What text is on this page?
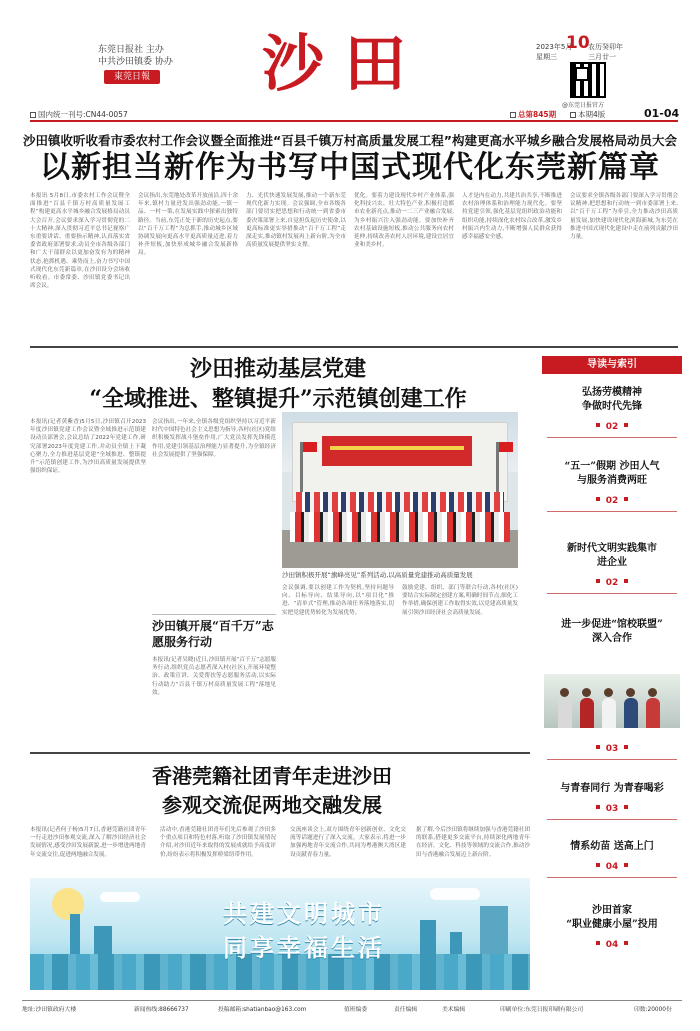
东莞日报社 主办
中共沙田镇委 协办
東莞日報 沙田	2023年5月
星期三
10
农历癸卯年
三月廿一
@东莞日报官方
国内统一刊号:CN44-0057	总第845期	本期4版	01-04
沙田镇收听收看市委农村工作会议暨全面推进“百县千镇万村高质量发展工程”构建更高水平城乡融合发展格局动员大会
以新担当新作为书写中国式现代化东莞新篇章
本报讯 5月8日,市委农村工作会议暨全面推进“百县千镇万村高质量发展工程”构建更高水平城乡融合发展格局动员大会召开,会议要求深入学习贯彻党的二十大精神,深入贯彻习近平总书记视察广东重要讲话、重要指示精神,认真落实省委省政府部署要求,动员全市各级各部门和广大干部群众以更加奋发有为的精神状态,抢抓机遇、乘势而上,奋力书写中国式现代化东莞新篇章,在沙田设分会场收听收看。市委常委、沙田镇党委书记出席会议。
会议指出,东莞地处改革开放前沿,四十余年来,镇村力量迸发出强劲动能,一镇一品、一村一策,在发展实践中探索出独特路径。当前,东莞正处于新的历史起点,要以“百千万工程”为总抓手,推动城乡区域协调发展向更高水平更高质量迈进,着力补齐短板,加快形成城乡融合发展新格局。
力、光伏快速发展发展,推动一个新东莞现代化新力实现。会议强调,全市各级各部门要切实把思想和行动统一到省委市委决策部署上来,自觉担负起历史使命,以更高标准更实举措推动“百千万工程”走深走实,推动镇村发展再上新台阶,为全市高质量发展提供坚实支撑。
优化。要着力建设现代乡村产业体系,强化科技兴农、壮大特色产业,积极打造都市农业新亮点,推动一二三产业融合发展,为乡村振兴注入强劲动能。要加快补齐农村基础设施短板,推动公共服务向农村延伸,持续改善农村人居环境,建设宜居宜业和美乡村。
人才是内在动力,共建共治共享,不断推进农村治理体系和治理能力现代化。要坚持党建引领,强化基层党组织政治功能和组织功能,持续深化农村综合改革,激发乡村振兴内生动力,不断增强人民群众获得感幸福感安全感。
会议要求全镇各级各部门要深入学习贯彻会议精神,把思想和行动统一到市委部署上来,以“百千万工程”为牵引,全力推动沙田高质量发展,加快建设现代化滨海新城,为东莞在推进中国式现代化建设中走在前列贡献沙田力量。
沙田推动基层党建
“全域推进、整镇提升”示范镇创建工作
本报讯(记者黄紫香)5月5日,沙田镇召开2023年度沙田镇党建工作会议暨全域推进示范镇建设动员部署会,会议总结了2022年党建工作,研究部署2023年度党建工作,并动员全镇上下凝心聚力,全力推进基层党建“全域推进、整镇提升”示范镇创建工作,为沙田高质量发展提供坚强组织保证。
会议指出,一年来,全镇各级党组织坚持以习近平新时代中国特色社会主义思想为指导,各村(社区)党组织积极发挥战斗堡垒作用,广大党员发挥先锋模范作用,党建引领基层治理能力显著提升,为全镇经济社会发展提供了坚强保障。
沙田镇积极开展“旗峰亮见”系列活动,以高质量党建推动高质量发展
会议强调,要以创建工作为契机,坚持问题导向、目标导向、结果导向,以“项目化”推进、“清单式”管理,推动各项任务落地落实,切实把党建优势转化为发展优势。
鼓励党建、组织、部门等联合行动,各村(社区)要结合实际制定创建方案,明确时间节点,细化工作举措,确保创建工作取得实效,以党建高质量发展引领沙田经济社会高质量发展。
沙田镇开展“百千万”志愿服务行动
本报讯(记者吴晓)近日,沙田镇开展“百千万”志愿服务行动,组织党员志愿者深入村(社区),开展环境整治、政策宣讲、关爱帮扶等志愿服务活动,以实际行动助力“百县千镇万村高质量发展工程”落地见效。
导读与索引
弘扬劳模精神
争做时代先锋
02
“五一”假期 沙田人气
与服务消费两旺
02
新时代文明实践集市
进企业
02
进一步促进“馆校联盟”
深入合作
03
与青春同行 为青春喝彩
03
情系幼苗 送高上门
04
沙田首家
“职业健康小屋”投用
04
香港莞籍社团青年走进沙田
参观交流促两地交融发展
本报讯(记者何子杨)5月7日,香港莞籍社团青年一行走进沙田参观交流,深入了解沙田经济社会发展情况,感受沙田发展新貌,进一步增进两地青年交流交往,促进两地融合发展。
活动中,香港莞籍社团青年们先后参观了沙田多个重点项目和特色村落,听取了沙田镇发展情况介绍,对沙田近年来取得的发展成就给予高度评价,纷纷表示将积极发挥桥梁纽带作用。
交流座谈会上,双方围绕青年创新创业、文化交流等话题进行了深入交流。大家表示,将进一步加强两地青年交流合作,共同为粤港澳大湾区建设贡献青春力量。
据了解,今后沙田镇将继续加强与香港莞籍社团的联系,搭建更多交流平台,持续深化两地青年在经济、文化、科技等领域的交流合作,推动沙田与香港融合发展迈上新台阶。
共建文明城市
同享幸福生活
地址:沙田镇政府大楼	新闻热线:88666737	投稿邮箱:shatianbao@163.com	值班编委	责任编辑	美术编辑	印刷单位:东莞日报印刷有限公司	印数:20000份
